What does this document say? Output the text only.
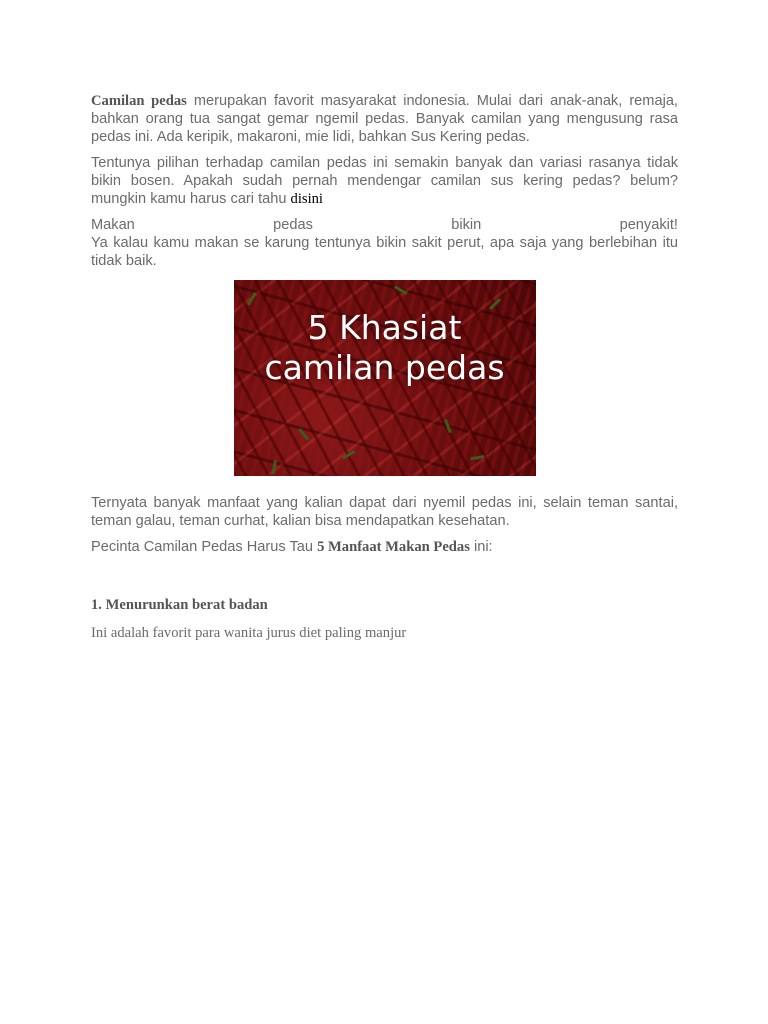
Camilan pedas merupakan favorit masyarakat indonesia. Mulai dari anak-anak, remaja, bahkan orang tua sangat gemar ngemil pedas. Banyak camilan yang mengusung rasa pedas ini. Ada keripik, makaroni, mie lidi, bahkan Sus Kering pedas.

Tentunya pilihan terhadap camilan pedas ini semakin banyak dan variasi rasanya tidak bikin bosen. Apakah sudah pernah mendengar camilan sus kering pedas? belum? mungkin kamu harus cari tahu disini

Makan	pedas	bikin	penyakit!

Ya kalau kamu makan se karung tentunya bikin sakit perut, apa saja yang berlebihan itu tidak baik.

5 Khasiat
camilan pedas

Ternyata banyak manfaat yang kalian dapat dari nyemil pedas ini, selain teman santai, teman galau, teman curhat, kalian bisa mendapatkan kesehatan.

Pecinta Camilan Pedas Harus Tau 5 Manfaat Makan Pedas ini:

1. Menurunkan berat badan
Ini adalah favorit para wanita jurus diet paling manjur
